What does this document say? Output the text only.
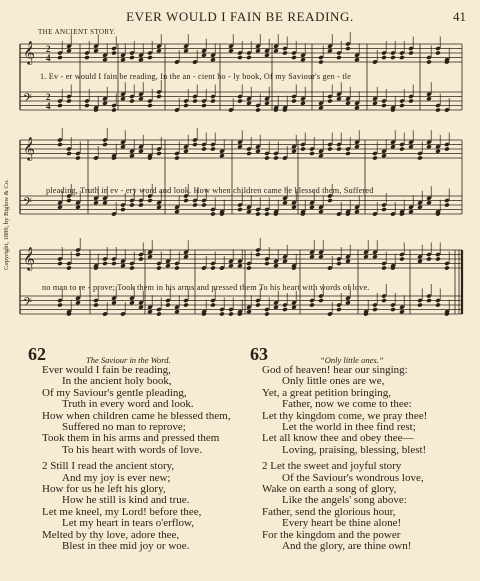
EVER WOULD I FAIN BE READING.	41
THE ANCIENT STORY.
Copyright, 1880, by Biglow & Co.
𝄞
𝄢
2
2
4
4
𝄞
𝄢
𝄞
𝄢
1. Ev - er would I fain be reading, In the an - cient ho - ly book, Of my Saviour's gen - tle
pleading, Truth in ev - ery word and look. How when children came he blessed them, Suffered
no man to re - prove; Took them in his arms and pressed them To his heart with words of love.
62	The Saviour in the Word.
Ever would I fain be reading,
In the ancient holy book,
Of my Saviour's gentle pleading,
Truth in every word and look.
How when children came he blessed them,
Suffered no man to reprove;
Took them in his arms and pressed them
To his heart with words of love.
2 Still I read the ancient story,
And my joy is ever new;
How for us he left his glory,
How he still is kind and true.
Let me kneel, my Lord! before thee,
Let my heart in tears o'erflow,
Melted by thy love, adore thee,
Blest in thee mid joy or woe.
63	“Only little ones.”
God of heaven! hear our singing:
Only little ones are we,
Yet, a great petition bringing,
Father, now we come to thee:
Let thy kingdom come, we pray thee!
Let the world in thee find rest;
Let all know thee and obey thee—
Loving, praising, blessing, blest!
2 Let the sweet and joyful story
Of the Saviour's wondrous love,
Wake on earth a song of glory,
Like the angels' song above:
Father, send the glorious hour,
Every heart be thine alone!
For the kingdom and the power
And the glory, are thine own!
